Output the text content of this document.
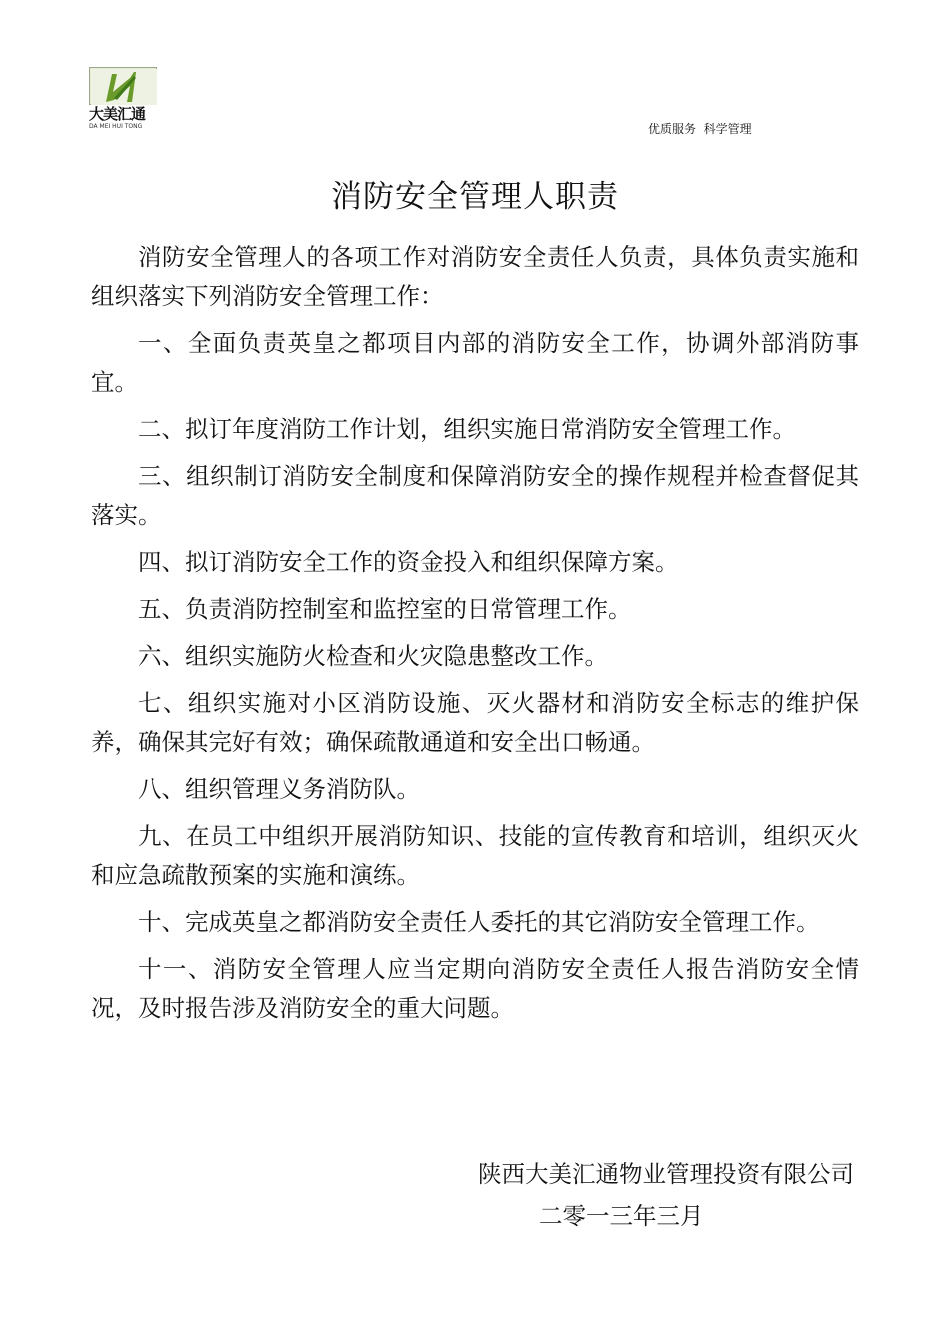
大美汇通
DA MEI HUI TONG	优质服务  科学管理
消防安全管理人职责

消防安全管理人的各项工作对消防安全责任人负责，具体负责实施和组织落实下列消防安全管理工作：

一、全面负责英皇之都项目内部的消防安全工作，协调外部消防事宜。

二、拟订年度消防工作计划，组织实施日常消防安全管理工作。

三、组织制订消防安全制度和保障消防安全的操作规程并检查督促其落实。

四、拟订消防安全工作的资金投入和组织保障方案。

五、负责消防控制室和监控室的日常管理工作。

六、组织实施防火检查和火灾隐患整改工作。

七、组织实施对小区消防设施、灭火器材和消防安全标志的维护保养，确保其完好有效；确保疏散通道和安全出口畅通。

八、组织管理义务消防队。

九、在员工中组织开展消防知识、技能的宣传教育和培训，组织灭火和应急疏散预案的实施和演练。

十、完成英皇之都消防安全责任人委托的其它消防安全管理工作。

十一、消防安全管理人应当定期向消防安全责任人报告消防安全情况，及时报告涉及消防安全的重大问题。

陕西大美汇通物业管理投资有限公司
二零一三年三月
